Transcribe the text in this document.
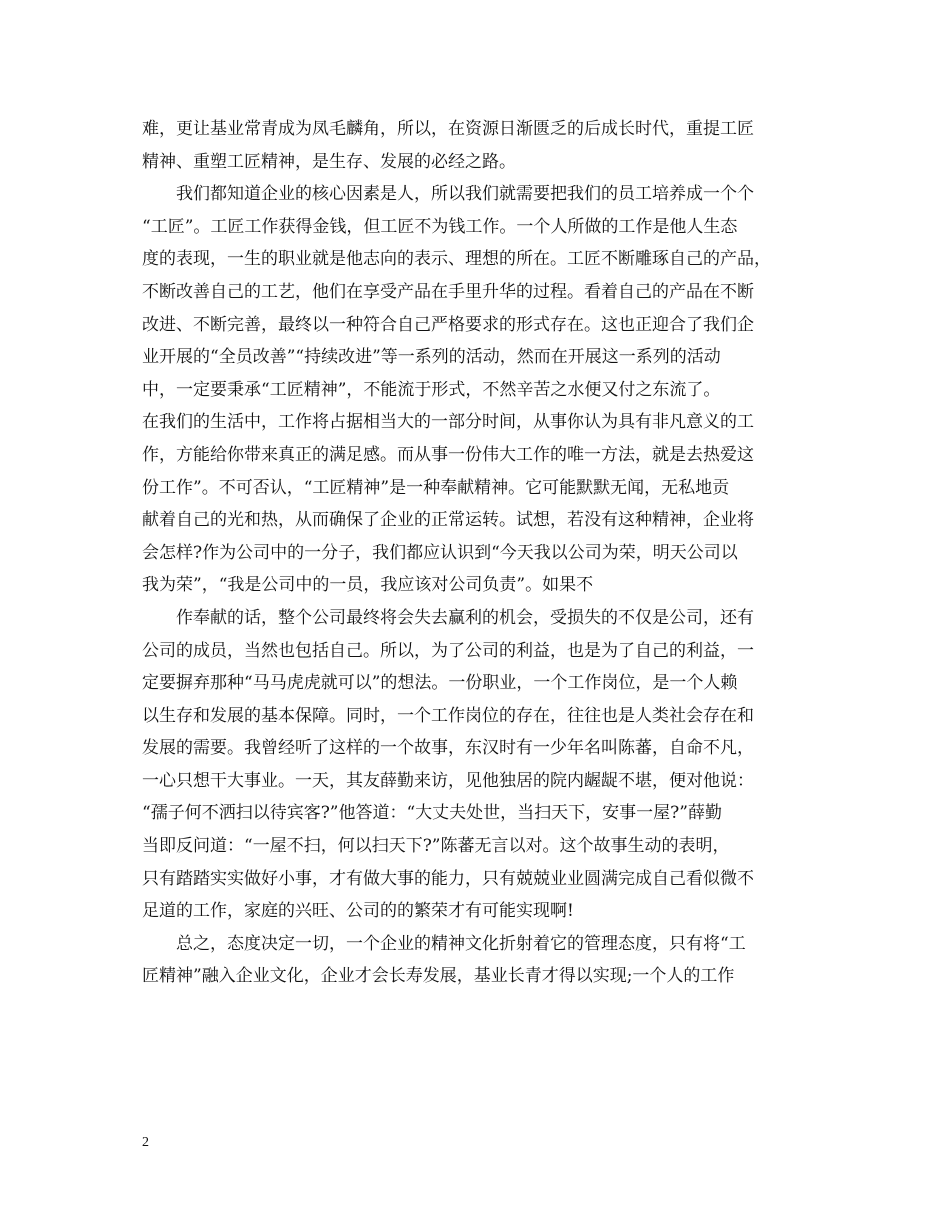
难，更让基业常青成为凤毛麟角，所以，在资源日渐匮乏的后成长时代，重提工匠
精神、重塑工匠精神，是生存、发展的必经之路。
我们都知道企业的核心因素是人，所以我们就需要把我们的员工培养成一个个
“工匠”。工匠工作获得金钱，但工匠不为钱工作。一个人所做的工作是他人生态
度的表现，一生的职业就是他志向的表示、理想的所在。工匠不断雕琢自己的产品，
不断改善自己的工艺，他们在享受产品在手里升华的过程。看着自己的产品在不断
改进、不断完善，最终以一种符合自己严格要求的形式存在。这也正迎合了我们企
业开展的“全员改善”“持续改进”等一系列的活动，然而在开展这一系列的活动
中，一定要秉承“工匠精神”，不能流于形式，不然辛苦之水便又付之东流了。
在我们的生活中，工作将占据相当大的一部分时间，从事你认为具有非凡意义的工
作，方能给你带来真正的满足感。而从事一份伟大工作的唯一方法，就是去热爱这
份工作”。不可否认，“工匠精神”是一种奉献精神。它可能默默无闻，无私地贡
献着自己的光和热，从而确保了企业的正常运转。试想，若没有这种精神，企业将
会怎样?作为公司中的一分子，我们都应认识到“今天我以公司为荣，明天公司以
我为荣”，“我是公司中的一员，我应该对公司负责”。如果不
作奉献的话，整个公司最终将会失去赢利的机会，受损失的不仅是公司，还有
公司的成员，当然也包括自己。所以，为了公司的利益，也是为了自己的利益，一
定要摒弃那种“马马虎虎就可以”的想法。一份职业，一个工作岗位，是一个人赖
以生存和发展的基本保障。同时，一个工作岗位的存在，往往也是人类社会存在和
发展的需要。我曾经听了这样的一个故事，东汉时有一少年名叫陈蕃，自命不凡，
一心只想干大事业。一天，其友薛勤来访，见他独居的院内龌龊不堪，便对他说：
“孺子何不洒扫以待宾客?”他答道：“大丈夫处世，当扫天下，安事一屋?”薛勤
当即反问道：“一屋不扫，何以扫天下?”陈蕃无言以对。这个故事生动的表明，
只有踏踏实实做好小事，才有做大事的能力，只有兢兢业业圆满完成自己看似微不
足道的工作，家庭的兴旺、公司的的繁荣才有可能实现啊!
总之，态度决定一切，一个企业的精神文化折射着它的管理态度，只有将“工
匠精神”融入企业文化，企业才会长寿发展，基业长青才得以实现;一个人的工作
2
